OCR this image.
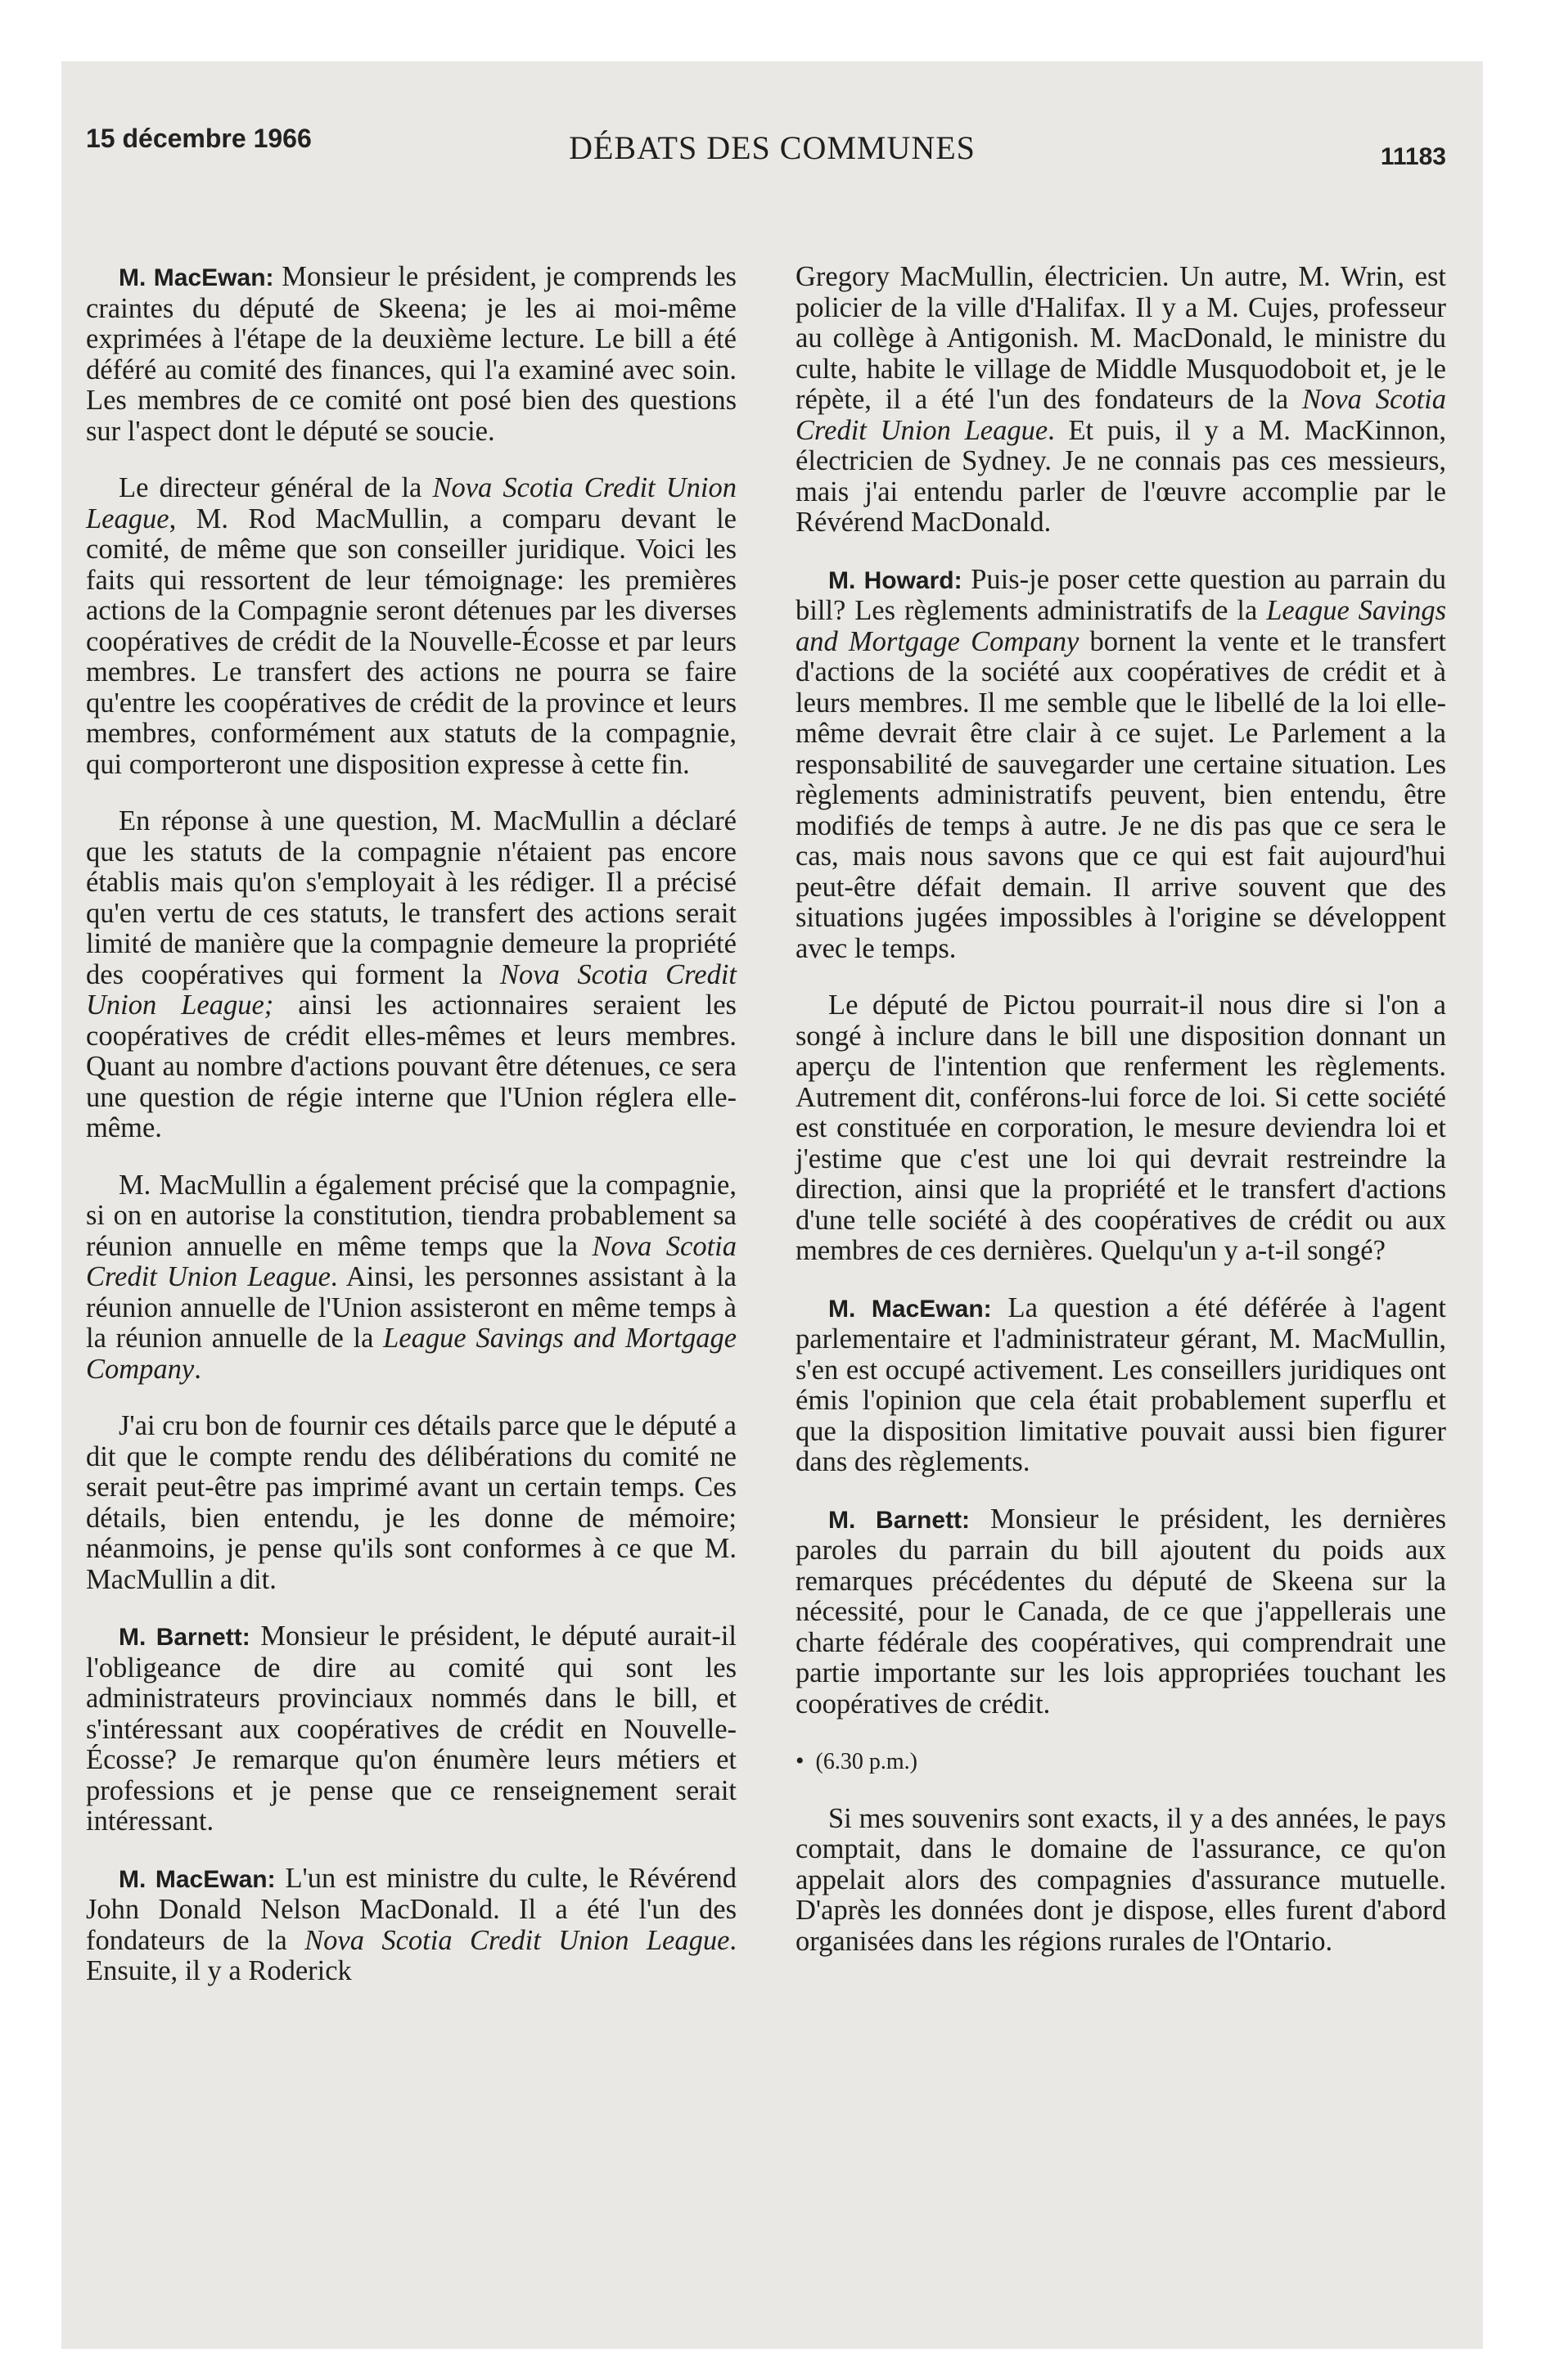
15 décembre 1966	DÉBATS DES COMMUNES	11183

M. MacEwan: Monsieur le président, je comprends les craintes du député de Skeena; je les ai moi-même exprimées à l'étape de la deuxième lecture. Le bill a été déféré au comité des finances, qui l'a examiné avec soin. Les membres de ce comité ont posé bien des questions sur l'aspect dont le député se soucie.

Le directeur général de la Nova Scotia Credit Union League, M. Rod MacMullin, a comparu devant le comité, de même que son conseiller juridique. Voici les faits qui ressortent de leur témoignage: les premières actions de la Compagnie seront détenues par les diverses coopératives de crédit de la Nouvelle-Écosse et par leurs membres. Le transfert des actions ne pourra se faire qu'entre les coopératives de crédit de la province et leurs membres, conformément aux statuts de la compagnie, qui comporteront une disposition expresse à cette fin.

En réponse à une question, M. MacMullin a déclaré que les statuts de la compagnie n'étaient pas encore établis mais qu'on s'employait à les rédiger. Il a précisé qu'en vertu de ces statuts, le transfert des actions serait limité de manière que la compagnie demeure la propriété des coopératives qui forment la Nova Scotia Credit Union League; ainsi les actionnaires seraient les coopératives de crédit elles-mêmes et leurs membres. Quant au nombre d'actions pouvant être détenues, ce sera une question de régie interne que l'Union réglera elle-même.

M. MacMullin a également précisé que la compagnie, si on en autorise la constitution, tiendra probablement sa réunion annuelle en même temps que la Nova Scotia Credit Union League. Ainsi, les personnes assistant à la réunion annuelle de l'Union assisteront en même temps à la réunion annuelle de la League Savings and Mortgage Company.

J'ai cru bon de fournir ces détails parce que le député a dit que le compte rendu des délibérations du comité ne serait peut-être pas imprimé avant un certain temps. Ces détails, bien entendu, je les donne de mémoire; néanmoins, je pense qu'ils sont conformes à ce que M. MacMullin a dit.

M. Barnett: Monsieur le président, le député aurait-il l'obligeance de dire au comité qui sont les administrateurs provinciaux nommés dans le bill, et s'intéressant aux coopératives de crédit en Nouvelle-Écosse? Je remarque qu'on énumère leurs métiers et professions et je pense que ce renseignement serait intéressant.

M. MacEwan: L'un est ministre du culte, le Révérend John Donald Nelson MacDonald. Il a été l'un des fondateurs de la Nova Scotia Credit Union League. Ensuite, il y a Roderick

Gregory MacMullin, électricien. Un autre, M. Wrin, est policier de la ville d'Halifax. Il y a M. Cujes, professeur au collège à Antigonish. M. MacDonald, le ministre du culte, habite le village de Middle Musquodoboit et, je le répète, il a été l'un des fondateurs de la Nova Scotia Credit Union League. Et puis, il y a M. MacKinnon, électricien de Sydney. Je ne connais pas ces messieurs, mais j'ai entendu parler de l'œuvre accomplie par le Révérend MacDonald.

M. Howard: Puis-je poser cette question au parrain du bill? Les règlements administratifs de la League Savings and Mortgage Company bornent la vente et le transfert d'actions de la société aux coopératives de crédit et à leurs membres. Il me semble que le libellé de la loi elle-même devrait être clair à ce sujet. Le Parlement a la responsabilité de sauvegarder une certaine situation. Les règlements administratifs peuvent, bien entendu, être modifiés de temps à autre. Je ne dis pas que ce sera le cas, mais nous savons que ce qui est fait aujourd'hui peut-être défait demain. Il arrive souvent que des situations jugées impossibles à l'origine se développent avec le temps.

Le député de Pictou pourrait-il nous dire si l'on a songé à inclure dans le bill une disposition donnant un aperçu de l'intention que renferment les règlements. Autrement dit, conférons-lui force de loi. Si cette société est constituée en corporation, le mesure deviendra loi et j'estime que c'est une loi qui devrait restreindre la direction, ainsi que la propriété et le transfert d'actions d'une telle société à des coopératives de crédit ou aux membres de ces dernières. Quelqu'un y a-t-il songé?

M. MacEwan: La question a été déférée à l'agent parlementaire et l'administrateur gérant, M. MacMullin, s'en est occupé activement. Les conseillers juridiques ont émis l'opinion que cela était probablement superflu et que la disposition limitative pouvait aussi bien figurer dans des règlements.

M. Barnett: Monsieur le président, les dernières paroles du parrain du bill ajoutent du poids aux remarques précédentes du député de Skeena sur la nécessité, pour le Canada, de ce que j'appellerais une charte fédérale des coopératives, qui comprendrait une partie importante sur les lois appropriées touchant les coopératives de crédit.

• (6.30 p.m.)

Si mes souvenirs sont exacts, il y a des années, le pays comptait, dans le domaine de l'assurance, ce qu'on appelait alors des compagnies d'assurance mutuelle. D'après les données dont je dispose, elles furent d'abord organisées dans les régions rurales de l'Ontario.
